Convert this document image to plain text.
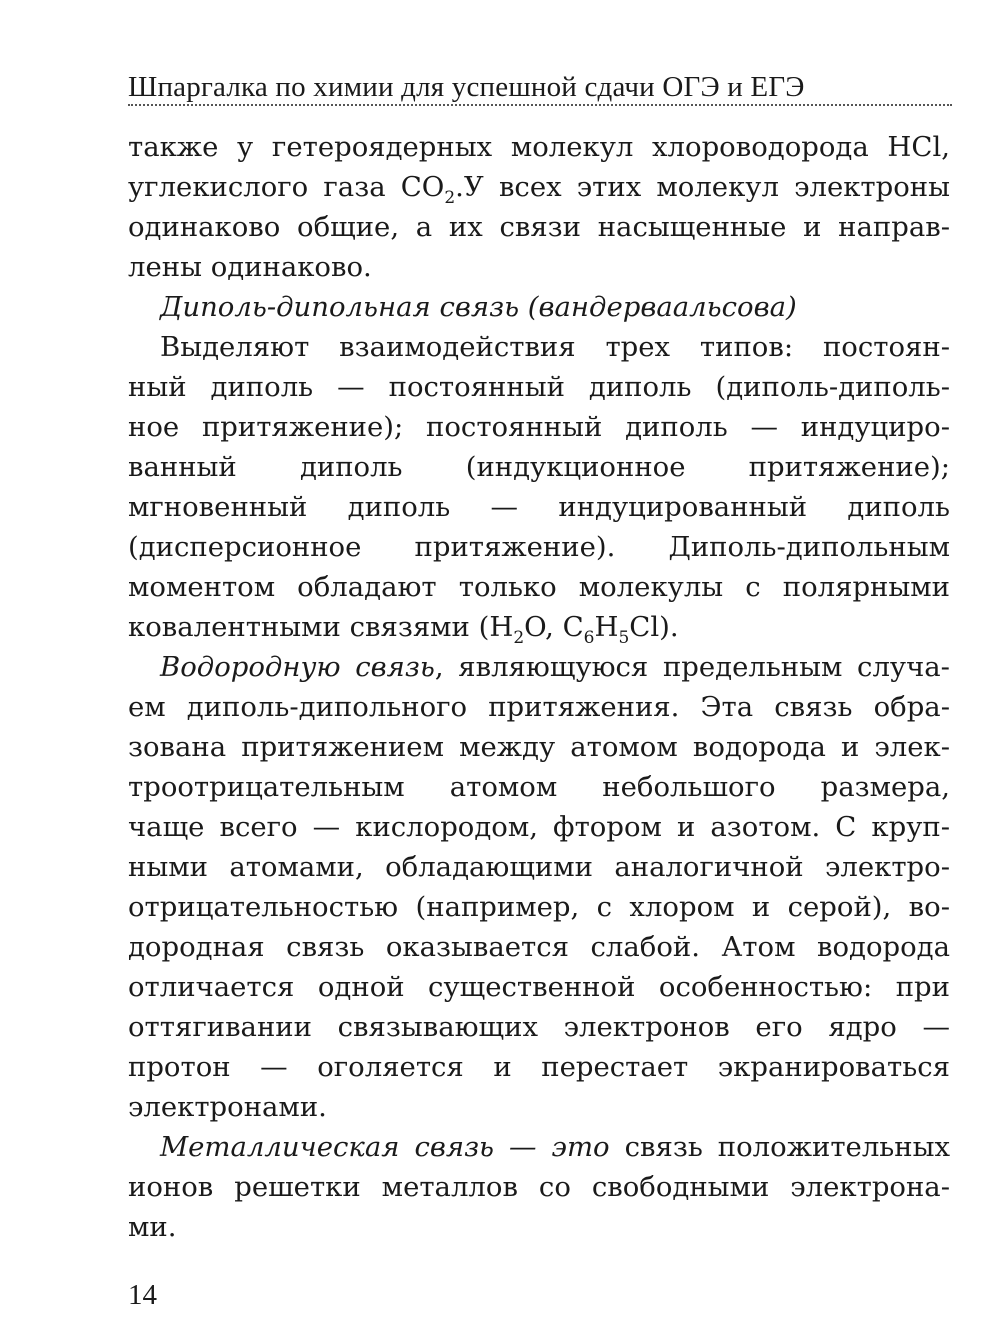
Шпаргалка по химии для успешной сдачи ОГЭ и ЕГЭ
также у гетероядерных молекул хлороводорода HCl,
углекислого газа $CO_2.У$ всех этих молекул электроны
одинаково общие, а их связи насыщенные и направ-
лены одинаково.
Диполь-дипольная связь (вандерваальсова)
Выделяют взаимодействия трех типов: постоян-
ный диполь — постоянный диполь (диполь-диполь-
ное притяжение); постоянный диполь — индуциро-
ванный диполь (индукционное притяжение);
мгновенный диполь — индуцированный диполь
(дисперсионное притяжение). Диполь-дипольным
моментом обладают только молекулы с полярными
ковалентными связями ($H_2O$, $C_6H_5Cl$).
Водородную связь, являющуюся предельным случа-
ем диполь-дипольного притяжения. Эта связь обра-
зована притяжением между атомом водорода и элек-
троотрицательным атомом небольшого размера,
чаще всего — кислородом, фтором и азотом. С круп-
ными атомами, обладающими аналогичной электро-
отрицательностью (например, с хлором и серой), во-
дородная связь оказывается слабой. Атом водорода
отличается одной существенной особенностью: при
оттягивании связывающих электронов его ядро —
протон — оголяется и перестает экранироваться
электронами.
Металлическая связь — это связь положительных
ионов решетки металлов со свободными электрона-
ми.
14
